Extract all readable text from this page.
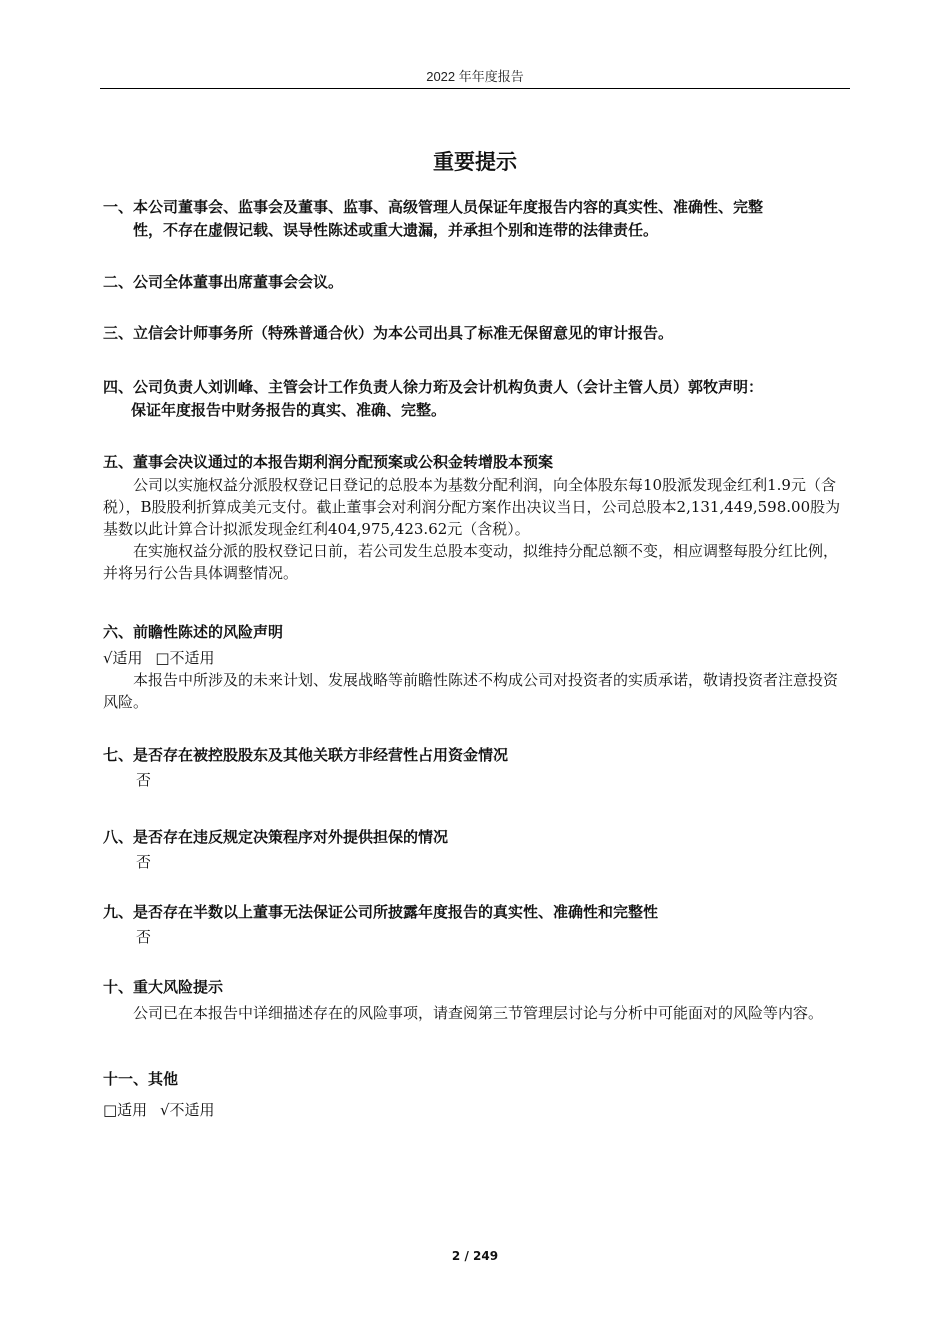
2022 年年度报告
重要提示
一、本公司董事会、监事会及董事、监事、高级管理人员保证年度报告内容的真实性、准确性、完整
性，不存在虚假记载、误导性陈述或重大遗漏，并承担个别和连带的法律责任。
二、公司全体董事出席董事会会议。
三、立信会计师事务所（特殊普通合伙）为本公司出具了标准无保留意见的审计报告。
四、公司负责人刘训峰、主管会计工作负责人徐力珩及会计机构负责人（会计主管人员）郭牧声明：
保证年度报告中财务报告的真实、准确、完整。
五、董事会决议通过的本报告期利润分配预案或公积金转增股本预案

公司以实施权益分派股权登记日登记的总股本为基数分配利润，向全体股东每10股派发现金红利1.9元（含税），B股股利折算成美元支付。截止董事会对利润分配方案作出决议当日，公司总股本2,131,449,598.00股为基数以此计算合计拟派发现金红利404,975,423.62元（含税）。

在实施权益分派的股权登记日前，若公司发生总股本变动，拟维持分配总额不变，相应调整每股分红比例，并将另行公告具体调整情况。

六、前瞻性陈述的风险声明
√适用 □不适用

本报告中所涉及的未来计划、发展战略等前瞻性陈述不构成公司对投资者的实质承诺，敬请投资者注意投资风险。

七、是否存在被控股股东及其他关联方非经营性占用资金情况
否
八、是否存在违反规定决策程序对外提供担保的情况
否
九、是否存在半数以上董事无法保证公司所披露年度报告的真实性、准确性和完整性
否
十、重大风险提示

公司已在本报告中详细描述存在的风险事项，请查阅第三节管理层讨论与分析中可能面对的风险等内容。

十一、其他
□适用 √不适用
2 / 249
